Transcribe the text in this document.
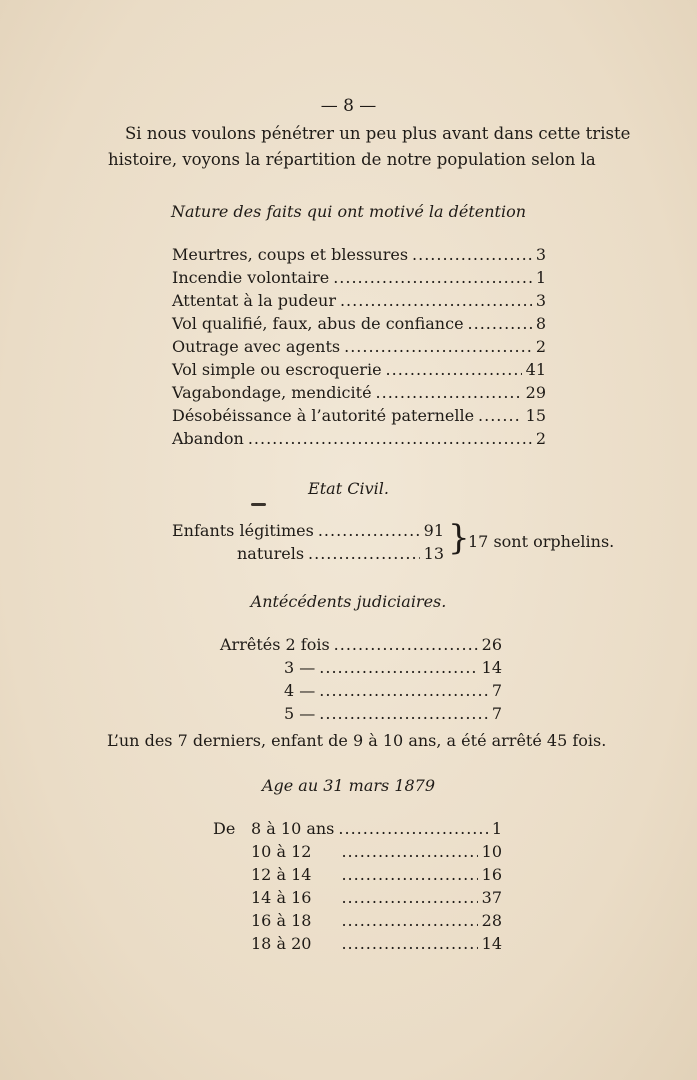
— 8 —
Si nous voulons pénétrer un peu plus avant dans cette triste
histoire, voyons la répartition de notre population selon la
Nature des faits qui ont motivé la détention
Meurtres, coups et blessures .....	3
Incendie volontaire .....	1
Attentat à la pudeur .....	3
Vol qualifié, faux, abus de confiance .....	8
Outrage avec agents .....	2
Vol simple ou escroquerie .....	41
Vagabondage, mendicité .....	29
Désobéissance à l’autorité paternelle .....	15
Abandon .....	2
Etat Civil.
Enfants légitimes .....	91
naturels .....	13 }
17 sont orphelins.
Antécédents judiciaires.
Arrêtés 2 fois .....	26
3 — .....	14
4 — .....	7
5 — .....	7
L’un des 7 derniers, enfant de 9 à 10 ans, a été arrêté 45 fois.
Age au 31 mars 1879
De 8 à 10 ans .....	1
10 à 12 .....	10
12 à 14 .....	16
14 à 16 .....	37
16 à 18 .....	28
18 à 20 .....	14
